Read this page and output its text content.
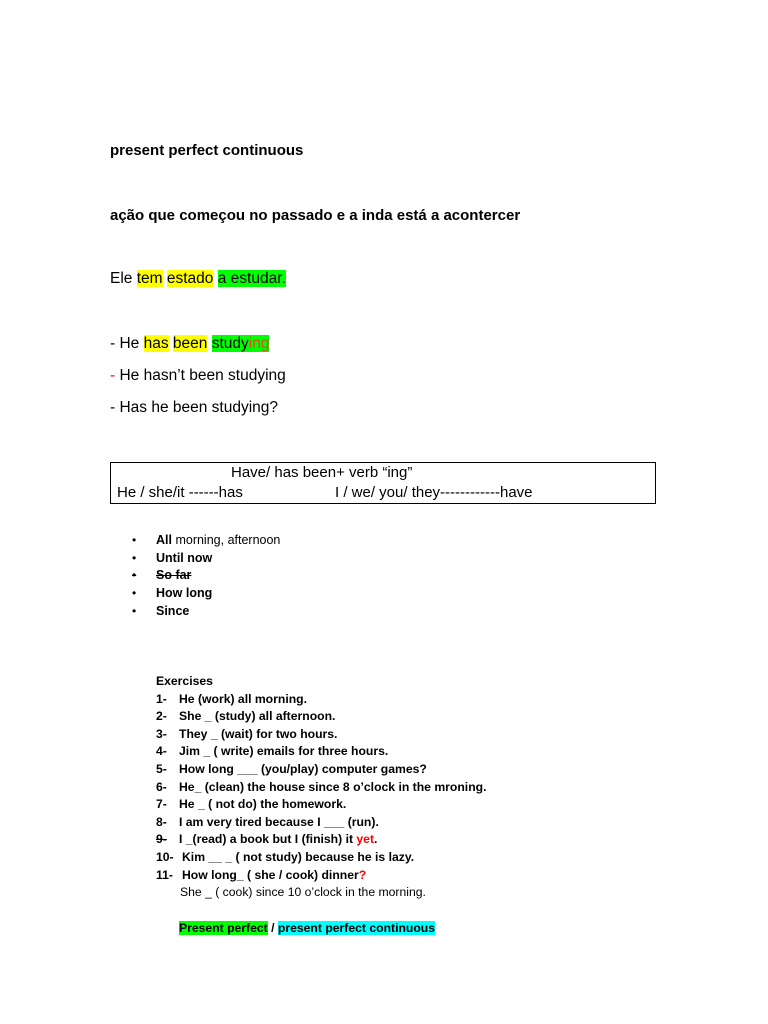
present perfect continuous
ação que começou no passado e a inda está a acontercer
Ele tem estado a estudar.
- He has been studying
- He hasn’t been studying
- Has he been studying?
Have/ has been+ verb “ing”
He / she/it ------has	I / we/ you/ they------------have
• All morning, afternoon
• Until now
• So far
• How long
• Since
Exercises
1- He (work) all morning.
2- She _ (study) all afternoon.
3- They _ (wait) for two hours.
4- Jim _ ( write) emails for three hours.
5- How long ___ (you/play) computer games?
6- He_ (clean) the house since 8 o’clock in the mroning.
7- He _ ( not do) the homework.
8- I am very tired because I ___ (run).
9- I _(read) a book but I (finish) it yet.
10- Kim __ _ ( not study) because he is lazy.
11- How long_ ( she / cook) dinner?
She _ ( cook) since 10 o’clock in the morning.
Present perfect / present perfect continuous
